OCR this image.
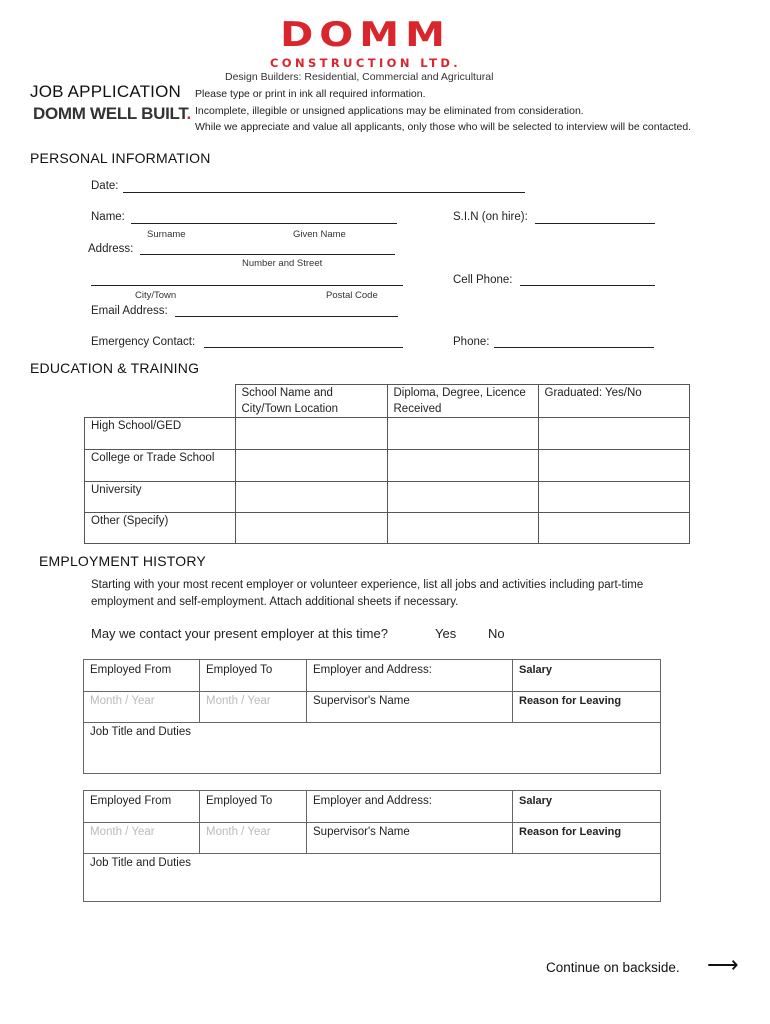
DOMM
CONSTRUCTION LTD.
Design Builders: Residential, Commercial and Agricultural
JOB APPLICATION
DOMM WELL BUILT.
Please type or print in ink all required information.
Incomplete, illegible or unsigned applications may be eliminated from consideration.
While we appreciate and value all applicants, only those who will be selected to interview will be contacted.
PERSONAL INFORMATION
Date:
Name:	S.I.N (on hire):
Surname	Given Name
Address:
Number and Street
Cell Phone:
City/Town	Postal Code
Email Address:
Emergency Contact:	Phone:
EDUCATION & TRAINING
	School Name and City/Town Location	Diploma, Degree, Licence Received	Graduated: Yes/No
High School/GED			
College or Trade School			
University			
Other (Specify)			
EMPLOYMENT HISTORY
Starting with your most recent employer or volunteer experience, list all jobs and activities including part-time employment and self-employment. Attach additional sheets if necessary.
May we contact your present employer at this time?	Yes No
Employed From	Employed To	Employer and Address:	Salary
Month / Year	Month / Year	Supervisor's Name	Reason for Leaving
Job Title and Duties
Employed From	Employed To	Employer and Address:	Salary
Month / Year	Month / Year	Supervisor's Name	Reason for Leaving
Job Title and Duties
Continue on backside. ⟶
